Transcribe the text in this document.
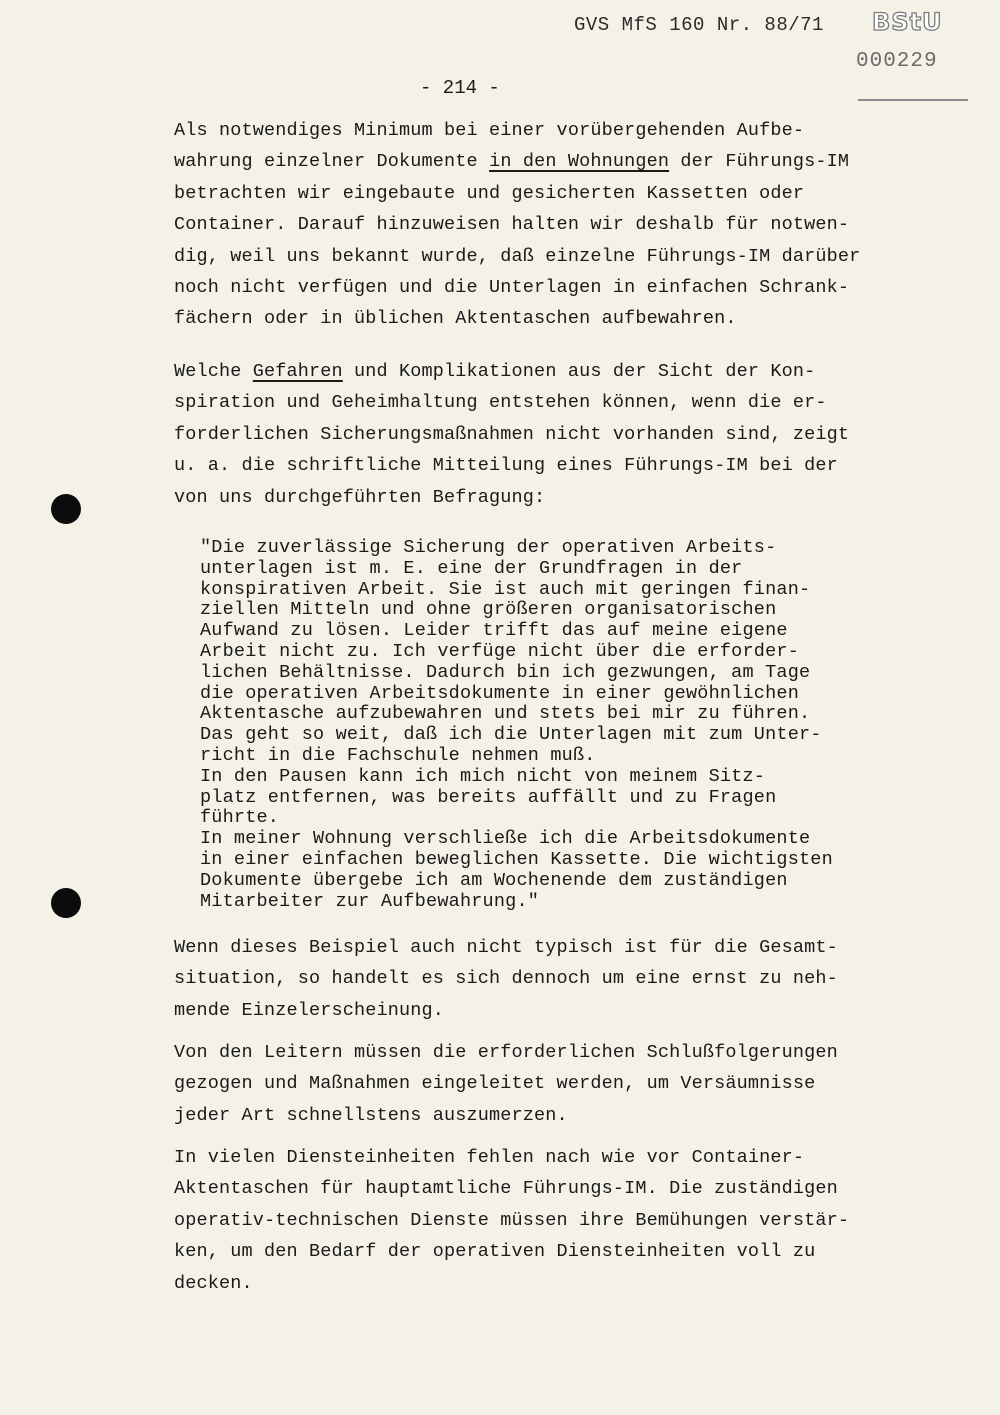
GVS MfS 160 Nr. 88/71 BStU
000229
- 214 -

Als notwendiges Minimum bei einer vorübergehenden Aufbe-
wahrung einzelner Dokumente in den Wohnungen der Führungs-IM
betrachten wir eingebaute und gesicherten Kassetten oder
Container. Darauf hinzuweisen halten wir deshalb für notwen-
dig, weil uns bekannt wurde, daß einzelne Führungs-IM darüber
noch nicht verfügen und die Unterlagen in einfachen Schrank-
fächern oder in üblichen Aktentaschen aufbewahren.

Welche Gefahren und Komplikationen aus der Sicht der Kon-
spiration und Geheimhaltung entstehen können, wenn die er-
forderlichen Sicherungsmaßnahmen nicht vorhanden sind, zeigt
u. a. die schriftliche Mitteilung eines Führungs-IM bei der
von uns durchgeführten Befragung:

"Die zuverlässige Sicherung der operativen Arbeits-
unterlagen ist m. E. eine der Grundfragen in der
konspirativen Arbeit. Sie ist auch mit geringen finan-
ziellen Mitteln und ohne größeren organisatorischen
Aufwand zu lösen. Leider trifft das auf meine eigene
Arbeit nicht zu. Ich verfüge nicht über die erforder-
lichen Behältnisse. Dadurch bin ich gezwungen, am Tage
die operativen Arbeitsdokumente in einer gewöhnlichen
Aktentasche aufzubewahren und stets bei mir zu führen.
Das geht so weit, daß ich die Unterlagen mit zum Unter-
richt in die Fachschule nehmen muß.
In den Pausen kann ich mich nicht von meinem Sitz-
platz entfernen, was bereits auffällt und zu Fragen
führte.
In meiner Wohnung verschließe ich die Arbeitsdokumente
in einer einfachen beweglichen Kassette. Die wichtigsten
Dokumente übergebe ich am Wochenende dem zuständigen
Mitarbeiter zur Aufbewahrung."

Wenn dieses Beispiel auch nicht typisch ist für die Gesamt-
situation, so handelt es sich dennoch um eine ernst zu neh-
mende Einzelerscheinung.

Von den Leitern müssen die erforderlichen Schlußfolgerungen
gezogen und Maßnahmen eingeleitet werden, um Versäumnisse
jeder Art schnellstens auszumerzen.

In vielen Diensteinheiten fehlen nach wie vor Container-
Aktentaschen für hauptamtliche Führungs-IM. Die zuständigen
operativ-technischen Dienste müssen ihre Bemühungen verstär-
ken, um den Bedarf der operativen Diensteinheiten voll zu
decken.
